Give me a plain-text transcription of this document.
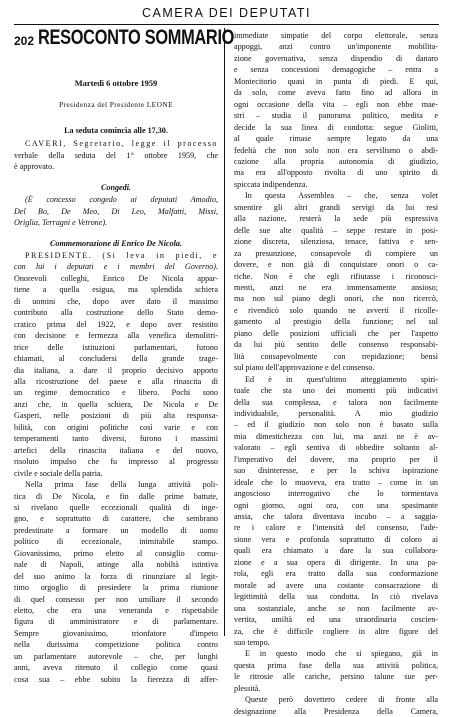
CAMERA DEI DEPUTATI
202 RESOCONTO SOMMARIO
Martedì 6 ottobre 1959
Presidenza del Presidente LEONE
La seduta comincia alle 17,30.
CAVERI, Segretario, legge il processo
verbale della seduta del 1° ottobre 1959, che
è approvato.
Congedi.
(È concesso congedo ai deputati Amodio,
Del Bo, De Meo, Di Leo, Malfatti, Missi,
Origlia, Terragni e Vetrone).
Commemorazione di Enrico De Nicola.
PRESIDENTE. (Si leva in piedi, e
con lui i deputati e i membri del Governo).
Onorevoli colleghi, Enrico De Nicola appar-
tiene a quella esigua, ma splendida schiera
di uomini che, dopo aver dato il massimo
contributo alla costruzione dello Stato demo-
cratico prima del 1922, e dopo aver resistito
con decisione e fermezza alla venefica demolitri-
trice delle istituzioni parlamentari, furono
chiamati, al concludersi della grande trage-
dia italiana, a dare il proprio decisivo apporto
alla ricostruzione del paese e alla rinascita di
un regime democratico e libero. Pochi sono
anzi che, in quella schiera, De Nicola e De
Gasperi, nelle posizioni di più alta responsa-
bilità, con origini politiche così varie e con
temperamenti tanto diversi, furono i massimi
artefici della rinascita italiana e del nuovo,
risoluto impulso che fu impresso al progresso
civile e sociale della patria.
Nella prima fase della lunga attività poli-
tica di De Nicola, e fin dalle prime battute,
si rivelano quelle eccezionali qualità di inge-
gno, e soprattutto di carattere, che sembrano
predestinate a formare un modello di uomo
politico di eccezionale, inimitabile stampo.
Giovanissimo, primo eletto al consiglio comu-
nale di Napoli, attinge alla nobiltà istintiva
del suo animo la forza di rinunziare al legit-
timo orgoglio di presiedere la prima riunione
di quel consesso per non umiliare il secondo
eletto, che era una veneranda e rispettabile
figura di amministratore e di parlamentare.
Sempre giovanissimo, trionfatore d'impeto
nella durissima competizione politica contro
un parlamentare autorevole – che, per lunghi
anni, aveva ritenuto il collegio come quasi
cosa sua – ebbe subito la fierezza di affer-
immediate simpatie del corpo elettorale, senza
appoggi, anzi contro un'imponente mobilita-
zione governativa, senza dispendio di danaro
e senza concessioni demagogiche – entra a
Montecitorio quasi in punta di piedi. E qui,
da solo, come aveva fatto fino ad allora in
ogni occasione della vita – egli non ebbe mae-
stri – studia il panorama politico, medita e
decide la sua linea di condotta: segue Giolitti,
al quale rimase sempre legato da una
fedeltà che non solo non era servilismo o abdi-
cazione alla propria autonomia di giudizio,
ma era all'opposto rivolta di uno spirito di
spiccata indipendenza.
In questa Assemblea – che, senza volet
smentire gli altri grandi servigi da lui resi
alla nazione, resterà la sede più espressiva
delle sue alte qualità – seppe restare in posi-
zione discreta, silenziosa, tenace, fattiva e sen-
za presunzione, consapevole di compiere un
dovere, e non già di conquistare onori o ca-
riche. Non è che egli rifiutasse i riconosci-
menti, anzi ne era immensamente ansioso;
ma non sul piano degli onori, che non ricercò,
e rivendicò solo quando ne avvertì il ricolle-
gamento al prestigio della funzione; nel sul
piano delle posizioni ufficiali che per l'aspetto
da lui più sentito delle consenso responsabi-
lità consapevolmente con trepidazione; bensì
sul piano dell'approvazione e del consenso.
Ed è in quest'ultimo atteggiamento spiri-
tuale che sta uno dei momenti più indicativi
della sua complessa, e talora non facilmente
individuabile, personalità. A mio giudizio
– ed il giudizio non solo non è basato sulla
mia dimestichezza con lui, ma anzi ne è av-
valorato – egli sentiva di obbedire soltanto al-
l'imperativo del dovere, ma proprio per il
suo disinteresse, e per la schiva ispirazione
ideale che lo muoveva, era tratto – come in un
angoscioso interrogativo che lo tormentava
ogni giorno, ogni ora, con una spasimante
ansia, che talora diventava incubo – a saggia-
re i calore e l'intensità del consenso, l'ade-
sione vera e profonda soprattutto di coloro ai
quali era chiamato a dare la sua collabora-
zione e a sua opera di dirigente. In una pa-
rola, egli era tratto dalla sua conformazione
morale ad avere una costante consacrazione di
legittimità della sua condotta. In ciò rivelava
una sostanziale, anche se non facilmente av-
vertita, umiltà ed una straordinaria coscien-
za, che è difficile cogliere in altre figure del
suo tempo.
E in questo modo che si spiegano, già in
questa prima fase della sua attività politica,
le ritrosie alle cariche, persino talune sue per-
plessità.
Queste però dovettero cedere di fronte alla
designazione alla Presidenza della Camera,
